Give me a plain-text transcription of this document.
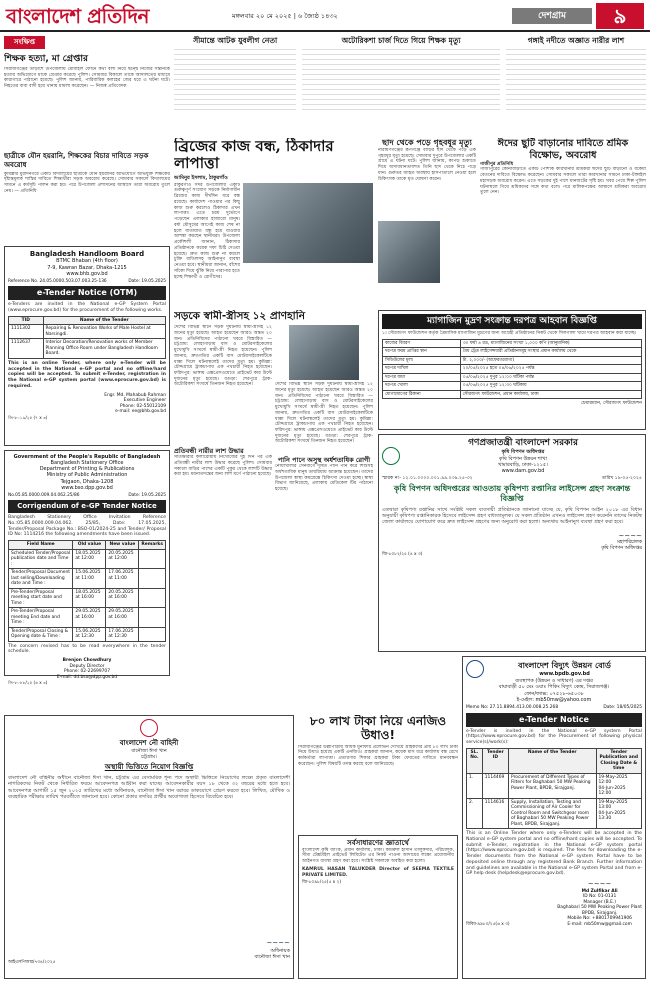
বাংলাদেশ প্রতিদিন	মঙ্গলবার ২০ মে ২০২৫ | ৬ জ্যৈষ্ঠ ১৪৩২	দেশগ্রাম	৯
সংক্ষিপ্ত
শিক্ষক হত্যা, মা গ্রেপ্তার
সিরাজগঞ্জের তাড়াশে উপজেলায় মোবাইল ফোনে কথা বলা নিয়ে দ্বন্দ্বে নিজের সন্তানকে হত্যার অভিযোগে মাকে গ্রেপ্তার করেছে পুলিশ। সোমবার বিকালে তাকে আদালতের মাধ্যমে কারাগারে পাঠানো হয়েছে। পুলিশ জানায়, পারিবারিক কলহের জের ধরে এ ঘটনা ঘটে। নিহতের বাবা বাদী হয়ে থানায় মামলা করেছেন। — নিজস্ব প্রতিবেদক
ছাত্রীকে যৌন হয়রানি, শিক্ষকের বিচার দাবিতে সড়ক অবরোধ
কুমিল্লার মুরাদনগরে একটি বিদ্যালয়ের ছাত্রীকে যৌন হয়রানির অভিযোগে অভিযুক্ত শিক্ষকের দৃষ্টান্তমূলক শাস্তির দাবিতে শিক্ষার্থীরা সড়ক অবরোধ করেছে। সোমবার সকালে বিদ্যালয়ের সামনে এ কর্মসূচি পালন করা হয়। পরে উপজেলা প্রশাসনের আশ্বাসে তারা অবরোধ তুলে নেয়। — প্রতিনিধি
Bangladesh Handloom Board
BTMC Bhaban (4th floor)
7-9, Kawran Bazar, Dhaka-1215
www.bhb.gov.bd
Reference No. 24.05.0000.503.07.003.25-136	Date: 19.05.2025
e-Tender Notice (OTM)
e-Tenders are invited in the National e-GP System Portal (www.eprocure.gov.bd) for the procurement of the following works.
TID	Name of the Tender
1111302	Repairing & Renovation Works of Male Hostel at Narsingdi.
1112637	Interior Decoration/Renovation works of Member Planning Office Room under Bangladesh Handloom Board.
This is an online Tender, where only e-Tender will be accepted in the National e-GP portal and no offline/hard copies will be accepted. To submit e-Tender, registration in the National e-GP system portal (www.eprocure.gov.bd) is required.
Engr. Md. Mahabub Rahman
Executive Engineer
Phone: 02-55012109
e-mail: ee@bhb.gov.bd
জি-৮০১৯/২৫ (৭ x ৩)
Government of the People's Republic of Bangladesh
Bangladesh Stationery Office
Department of Printing & Publications
Ministry of Public Administration
Tejgaon, Dhaka-1208
www.bso.dpp.gov.bd
No.05.85.0000.009.04.062.25/86	Date: 19.05.2025
Corrigendum of e-GP Tender Notice
Bangladesh Stationery Office Invitation Reference No.:05.85.0000.009.04.062. 25/85, Date: 17.05.2025, Tender/Proposal Package No.: BSO-01/2024-25 and Tender/ Proposal ID No: 1114216 the following amendments have been issued.
Field Name	Old value	New value	Remarks
Scheduled Tender/Proposal publication date and Time :	18.05.2025 at 12:00	20.05.2025 at 12:00	
Tender/Proposal Document last selling/Downloading date and Time :	15.06.2025 at 11:00	17.06.2025 at 11:00	
Pre-Tender/Proposal meeting start date and Time :	18.05.2025 at 16:00	20.05.2025 at 16:00	
Pre-Tender/Proposal meeting End date and Time :	29.05.2025 at 16:00	29.05.2025 at 16:00	
Tender/Proposal Closing & Opening date & Time :	15.06.2025 at 12:30	17.06.2025 at 12:30	
The concern revised has to be read everywhere in the tender schedule.
Brenjon Chowdhury
Deputy Director
Phone: 02-22699707
E-mail: dd.bso@dpp.gov.bd
জি-৮০৮৮/২৫ (৬ x ৩)
বাংলাদেশ নৌ বাহিনী
বানৌজা ঈসা খান
চট্টগ্রাম।
অস্থায়ী ভিত্তিতে নিয়োগ বিজ্ঞপ্তি
বাংলাদেশ নৌ বাহিনীর অধীনে বানৌজা ঈসা খান, চট্টগ্রাম এর বেসামরিক শূন্য পদে অস্থায়ী ভিত্তিতে নিয়োগের লক্ষ্যে প্রকৃত বাংলাদেশী নাগরিকদের নিকট থেকে নির্ধারিত ফরমে আবেদনপত্র আহ্বান করা যাচ্ছে। আবেদনকারীর বয়স ১৮ থেকে ৩২ বছরের মধ্যে হতে হবে। আবেদনপত্র আগামী ১৫ জুন ২০২৫ তারিখের মধ্যে অধিনায়ক, বানৌজা ঈসা খান বরাবর ডাকযোগে প্রেরণ করতে হবে। লিখিত, মৌখিক ও ব্যবহারিক পরীক্ষার তারিখ পরবর্তীতে জানানো হবে। কোনো প্রকার তদবির প্রার্থীর অযোগ্যতা হিসেবে বিবেচিত হবে।
~~~~
অধিনায়ক
বানৌজা ঈসা খান
আইএসপিআর/৭৩৪/২০২৫
সীমান্তে আটক যুবলীগ নেতা	অটোরিকশা চার্জ দিতে গিয়ে শিক্ষক মৃত্যু	গঙ্গাই নদীতে অজ্ঞাত নারীর লাশ
ব্রিজের কাজ বন্ধ, ঠিকাদার লাপাত্তা
আমিনুর ইসলাম, ঠাকুরগাঁও
ঠাকুরগাঁও সদর উপজেলার একটি গুরুত্বপূর্ণ সংযোগ সড়কে নির্মাণাধীন ব্রিজের কাজ দীর্ঘদিন ধরে বন্ধ রয়েছে। কার্যাদেশ পাওয়ার পর কিছু কাজ শুরু করলেও ঠিকাদার এখন লাপাত্তা। এতে চরম দুর্ভোগে পড়েছেন এলাকার হাজারো মানুষ। বর্ষা মৌসুমের আগেই কাজ শেষ না হলে যাতায়াত বন্ধ হয়ে যাওয়ার আশঙ্কা করছেন স্থানীয়রা। উপজেলা প্রকৌশলী জানান, ঠিকাদার প্রতিষ্ঠানকে কয়েক দফা চিঠি দেওয়া হয়েছে। দ্রুত কাজ শুরু না করলে চুক্তি বাতিলসহ আইনানুগ ব্যবস্থা নেওয়া হবে। স্থানীয়রা জানান, বাঁশের সাঁকো দিয়ে ঝুঁকি নিয়ে পারাপার হতে হচ্ছে শিক্ষার্থী ও রোগীদের।
ছাদ থেকে পড়ে গৃহবধূর মৃত্যু
নারায়ণগঞ্জের রূপগঞ্জে বাড়ির ছাদ থেকে পড়ে এক গৃহবধূর মৃত্যু হয়েছে। সোমবার দুপুরে উপজেলার একটি গ্রামে এ ঘটনা ঘটে। পুলিশ জানায়, কাপড় শুকাতে দিয়ে অসাবধানতাবশত তিনি ছাদ থেকে নিচে পড়ে যান। গুরুতর আহত অবস্থায় হাসপাতালে নেওয়া হলে চিকিৎসক তাকে মৃত ঘোষণা করেন।
ঈদের ছুটি বাড়ানোর দাবিতে শ্রমিক বিক্ষোভ, অবরোধ
গাজীপুর প্রতিনিধি
গাজীপুরের কোনাবাড়ীতে একটি পোশাক কারখানার শ্রমিকরা ঈদের ছুটি বাড়ানো ও বকেয়া বেতনের দাবিতে বিক্ষোভ করেছেন। সোমবার সকালে তারা কারখানার সামনে ঢাকা-টাঙ্গাইল মহাসড়ক অবরোধ করেন। এতে সড়কের দুই পাশে যানজটের সৃষ্টি হয়। খবর পেয়ে শিল্প পুলিশ ঘটনাস্থলে গিয়ে শ্রমিকদের সঙ্গে কথা বলে। পরে মালিকপক্ষের আশ্বাসে শ্রমিকরা অবরোধ তুলে নেন।
সড়কে স্বামী-স্ত্রীসহ ১২ প্রাণহানি
দেশের বিভিন্ন স্থানে সড়ক দুর্ঘটনায় স্বামী-স্ত্রীসহ ১২ জনের মৃত্যু হয়েছে। আহত হয়েছেন আরও অন্তত ২০ জন। প্রতিনিধিদের পাঠানো খবরে বিস্তারিত — চট্টগ্রাম: লোহাগাড়ায় বাস ও মোটরসাইকেলের মুখোমুখি সংঘর্ষে স্বামী-স্ত্রী নিহত হয়েছেন। পুলিশ জানায়, দ্রুতগতির একটি বাস মোটরসাইকেলটিকে ধাক্কা দিলে ঘটনাস্থলেই তাদের মৃত্যু হয়। কুমিল্লা: চৌদ্দগ্রামে ট্রাকচাপায় এক পথচারী নিহত হয়েছেন। ফরিদপুর: ভাঙ্গায় এক্সপ্রেসওয়েতে প্রাইভেট কার উল্টে দুজনের মৃত্যু হয়েছে। বগুড়া: শেরপুরে ট্রাক-অটোরিকশা সংঘর্ষে তিনজন নিহত হয়েছেন।
প্রতিবন্ধী নারীর লাশ উদ্ধার
সাতক্ষীরার কলারোয়ায় নিখোঁজের দুই দিন পর এক প্রতিবন্ধী নারীর লাশ উদ্ধার করেছে পুলিশ। সোমবার সকালে বাড়ির পাশের একটি পুকুর থেকে লাশটি উদ্ধার করা হয়। ময়নাতদন্তের জন্য লাশ মর্গে পাঠানো হয়েছে।
দেশের বিভিন্ন স্থানে সড়ক দুর্ঘটনায় স্বামী-স্ত্রীসহ ১২ জনের মৃত্যু হয়েছে। আহত হয়েছেন আরও অন্তত ২০ জন। প্রতিনিধিদের পাঠানো খবরে বিস্তারিত — চট্টগ্রাম: লোহাগাড়ায় বাস ও মোটরসাইকেলের মুখোমুখি সংঘর্ষে স্বামী-স্ত্রী নিহত হয়েছেন। পুলিশ জানায়, দ্রুতগতির একটি বাস মোটরসাইকেলটিকে ধাক্কা দিলে ঘটনাস্থলেই তাদের মৃত্যু হয়। কুমিল্লা: চৌদ্দগ্রামে ট্রাকচাপায় এক পথচারী নিহত হয়েছেন। ফরিদপুর: ভাঙ্গায় এক্সপ্রেসওয়েতে প্রাইভেট কার উল্টে দুজনের মৃত্যু হয়েছে। বগুড়া: শেরপুরে ট্রাক-অটোরিকশা সংঘর্ষে তিনজন নিহত হয়েছেন।
পানি পানে অসুস্থ অর্ধশতাধিক রোগী
নোয়াখালীর সেনবাগে দূষিত পানি পান করে শিশুসহ অর্ধশতাধিক মানুষ ডায়রিয়ায় আক্রান্ত হয়েছেন। তাদের উপজেলা স্বাস্থ্য কমপ্লেক্সে চিকিৎসা দেওয়া হচ্ছে। স্বাস্থ্য বিভাগ জানিয়েছে, এলাকায় মেডিকেল টিম পাঠানো হয়েছে।
৮০ লাখ টাকা নিয়ে এনজিও উধাও!
সিরাজগঞ্জের উল্লাপাড়ায় অধিক মুনাফার প্রলোভন দেখিয়ে গ্রাহকদের প্রায় ৮০ লাখ টাকা নিয়ে উধাও হয়েছে একটি এনজিও। গ্রাহকরা জানান, কয়েক মাস ধরে কার্যালয় বন্ধ রেখে কর্মকর্তারা লাপাত্তা। প্রতারণার শিকার গ্রাহকরা টাকা ফেরতের দাবিতে মানববন্ধন করেছেন। পুলিশ বিষয়টি তদন্ত করছে বলে জানিয়েছে।
সর্বসাধারণের জ্ঞাতার্থে
বাংলাদেশ কৃষি ব্যাংক, প্রধান কার্যালয়, ঢাকা। কামরুল হাসান তালুকদার, পরিচালক, সীমা টেক্সটাইল প্রাইভেট লিমিটেড এর নিকট পাওনা আদায়ের লক্ষ্যে প্রয়োজনীয় আইনগত ব্যবস্থা গ্রহণ করা হবে। সংশ্লিষ্ট সকলকে অবহিত করা হলো।
KAMRUL HASAN TALUKDER Director of SEEMA TEXTILE PRIVATE LIMITED.
জি-৮০৯৮/২৫(৫ x ২)
ম্যাগাজিন মুদ্রণ সংক্রান্ত দরপত্র আহবান বিজ্ঞপ্তি
১। সৌরজগৎ ফাউন্ডেশন কর্তৃক ত্রৈমাসিক ম্যাগাজিন মুদ্রণের জন্য আগ্রহী প্রতিষ্ঠানের নিকট থেকে সিলগালা খামে দরপত্র আহবান করা যাচ্ছে।
কাজের বিবরণ	৩০ ফর্মা ৪ রঙ, ম্যাগাজিনের সংখ্যা ১,০০০ কপি (আনুমানিক)
দরপত্র ফরম প্রাপ্তির স্থান	বৈধ ট্রেড লাইসেন্সধারী প্রতিষ্ঠানসমূহ সংস্থার প্রধান কার্যালয় থেকে
সিডিউলের মূল্য	টা. ২,০০০/- (অফেরতযোগ্য)
দরপত্র দাখিল	২০/০৫/২০২৫ হতে ০৪/০৬/২০২৫ পর্যন্ত
দরপত্র জমা	০৫/০৬/২০২৫ দুপুর ১২:০০ ঘটিকা পর্যন্ত
দরপত্র খোলা	০৫/০৬/২০২৫ দুপুর ১২:৩০ ঘটিকায়
যোগাযোগের ঠিকানা	সৌরজগৎ ফাউন্ডেশন, প্রধান কার্যালয়, ঢাকা
চেয়ারম্যান, সৌরজগৎ ফাউন্ডেশন
গণপ্রজাতন্ত্রী বাংলাদেশ সরকার
কৃষি বিপণন অধিদপ্তর
কৃষি বিপণন উন্নয়ন শাখা
খামারবাড়ি, ঢাকা-১২১৫।
www.dam.gov.bd
স্মারক নং- ১২.০১.০০০০.০০১.৯৯.০৩৯.২৫-৩২	তারিখ ১৯-০৫-২০২৫
কৃষি বিপণন অধিদপ্তরের আওতায় কৃষিপণ্য রপ্তানির লাইসেন্স গ্রহণ সংক্রান্ত বিজ্ঞপ্তি
এতদ্বারা কৃষিপণ্য রপ্তানির সাথে সংশ্লিষ্ট সকল ব্যবসায়ী প্রতিষ্ঠানকে জানানো যাচ্ছে যে, কৃষি বিপণন আইন ২০১৮ এর বিধান অনুযায়ী কৃষিপণ্য রপ্তানিকারক হিসেবে লাইসেন্স গ্রহণ বাধ্যতামূলক। যে সকল প্রতিষ্ঠান এখনও লাইসেন্স গ্রহণ করেননি তাদের নিকটস্থ জেলা কার্যালয়ে যোগাযোগ করে দ্রুত লাইসেন্স গ্রহণের জন্য অনুরোধ করা হলো। অন্যথায় আইনানুগ ব্যবস্থা গ্রহণ করা হবে।
~~~~
মহাপরিচালক
কৃষি বিপণন অধিদপ্তর
জি-৮০৮২/২৫ (৪ x ৩)
বাংলাদেশ বিদ্যুৎ উন্নয়ন বোর্ড
www.bpdb.gov.bd
ব্যবস্থাপক (উন্নয়ন ও সাধারণ) এর দপ্তর
বাঘাবাড়ী ৫০ মেঃ ওয়াঃ পিকিং বিদ্যুৎ কেন্দ্র, সিরাজগঞ্জ।
ফোন/ফ্যাক্স: ০৭৫২৮-৬৫০৩৮
ই-মেইল: mb50mw@yahoo.com
Memo No: 27.11.8894.413.00.008.25.268	Date: 18/05/2025
e-Tender Notice
e-Tender is invited in the National e-GP system Portal (https://www.eprocure.gov.bd) for the Procurement of following physical service(s)/work(s):
SL. No.	Tender ID	Name of the Tender	Tender Publication and Closing Date & time
1.	1114469	Procurement of Different Types of Filters for Baghabari 50 MW Peaking Power Plant, BPDB, Sirajganj.	19-May-2025 12:00
04-Jun-2025 12:00

2.	1114616	Supply, Installation, Testing and Commissioning of Air Cooler for Control Room and Switchgear room of Baghabari 50 MW Peaking Power Plant, BPDB, Sirajganj.	19-May-2025 13:00
04-Jun-2025 13:30
This is an Online Tender where only e-Tenders will be accepted in the National e-GP system portal and no offline/hard copies will be accepted. To submit e-Tender, registration in the National e-GP system portal (https://www.eprocure.gov.bd) is required. The fees for downloading the e-Tender documents from the National e-GP system Portal have to be deposited online through any registered Bank Branch. Further information and guidelines are available in the National e-GP system Portal and from e-GP help desk (helpdesk@eprocure.gov.bd).
বিবিধ-৯৯৮০/২৫(৬ x ৩)
~~~~
Md Zulfikar Ali
ID No: 01-0131
Manager (B.E.)
Baghabari 50 MW Peaking Power Plant
BPDB, Sirajganj.
Mobile No: +8801709941906
E-mail: mb50mw@gmail.com
